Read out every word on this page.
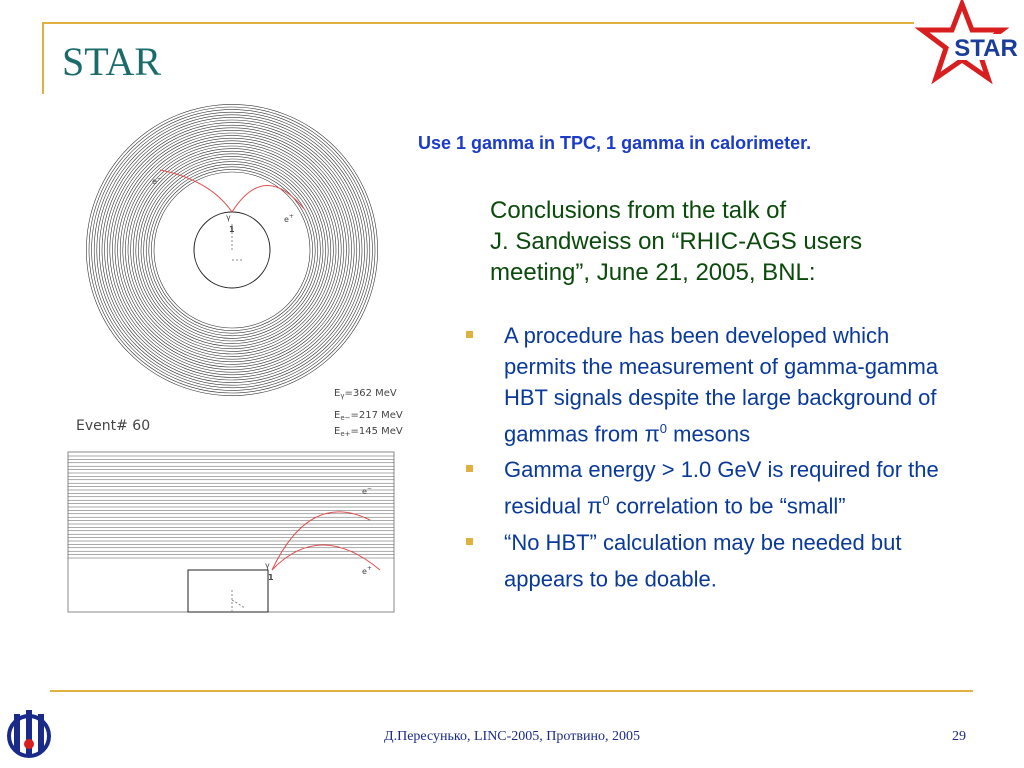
STAR	STAR
Use 1 gamma in TPC, 1 gamma in calorimeter.
Conclusions from the talk of
J. Sandweiss on “RHIC-AGS users meeting”, June 21, 2005, BNL:
A procedure has been developed which permits the measurement of gamma-gamma HBT signals despite the large background of gammas from $\pi^0$ mesons
Gamma energy > 1.0 GeV is required for the residual $\pi^0$ correlation to be “small”
“No HBT” calculation may be needed but appears to be doable.
e−
e+
γ
1
$E_\gamma=362$ MeV
$E_{e-}=217$ MeV
$E_{e+}=145$ MeV
Event# 60
e−
e+
γ
1
Д.Пересунько, LINC-2005, Протвино, 2005	29
